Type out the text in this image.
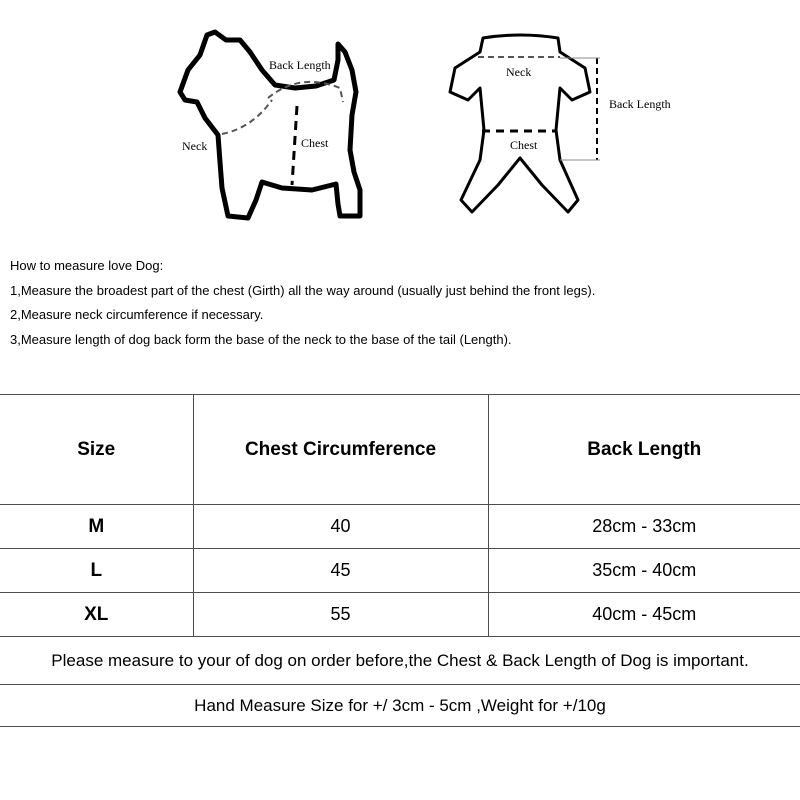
Back Length
Neck	Chest
Neck
Back Length
Chest
How to measure love Dog:
1,Measure the broadest part of the chest (Girth) all the way around (usually just behind the front legs).
2,Measure neck circumference if necessary.
3,Measure length of dog back form the base of the neck to the base of the tail (Length).
Size	Chest Circumference	Back Length
M	40	28cm - 33cm
L	45	35cm - 40cm
XL	55	40cm - 45cm
Please measure to your of dog on order before,the Chest & Back Length of Dog is important.		
Hand Measure Size for +/ 3cm - 5cm ,Weight for +/10g		
